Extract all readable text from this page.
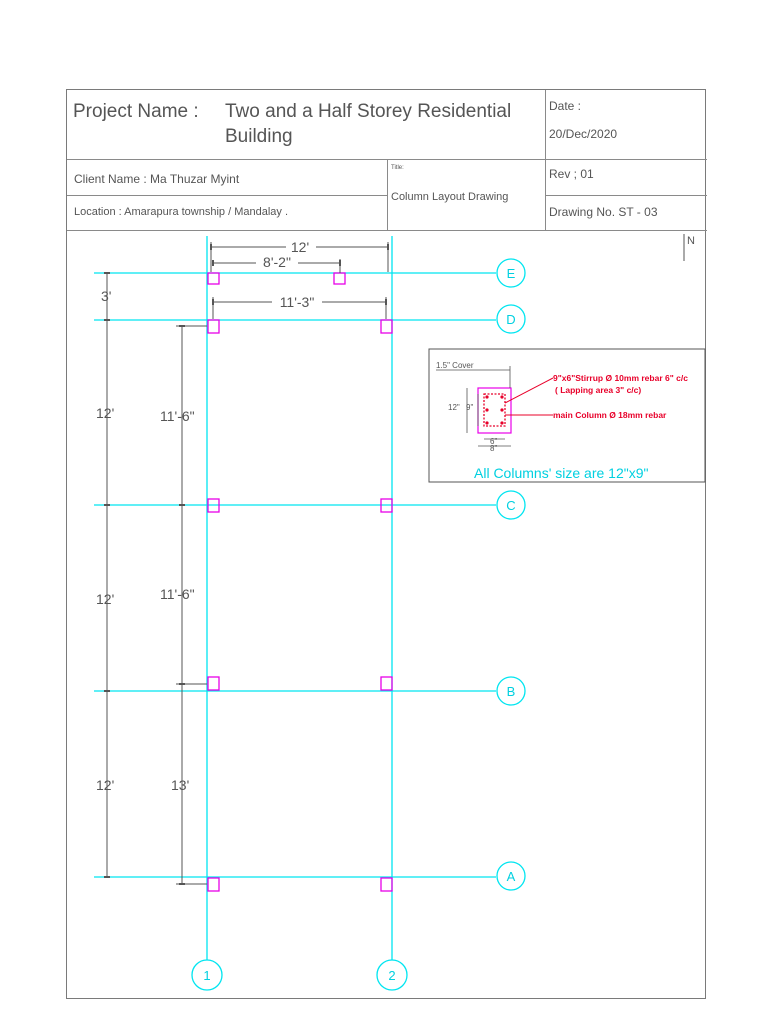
Project Name : Two and a Half Storey Residential
Building
Date :
20/Dec/2020
Client Name : Ma Thuzar Myint
Title:
Column Layout Drawing
Rev ; 01
Location : Amarapura township / Mandalay .	Drawing No. ST - 03
N
E
D
C
B
A
1	2
12'
8'-2"
11'-3"
3'
12'
12'
12'
11'-6"
11'-6"
13'
1.5" Cover
9"x6"Stirrup Ø 10mm rebar 6" c/c
( Lapping area 3" c/c)
main Column Ø 18mm rebar
12" 9"
6"
8"
All Columns' size are 12"x9"
